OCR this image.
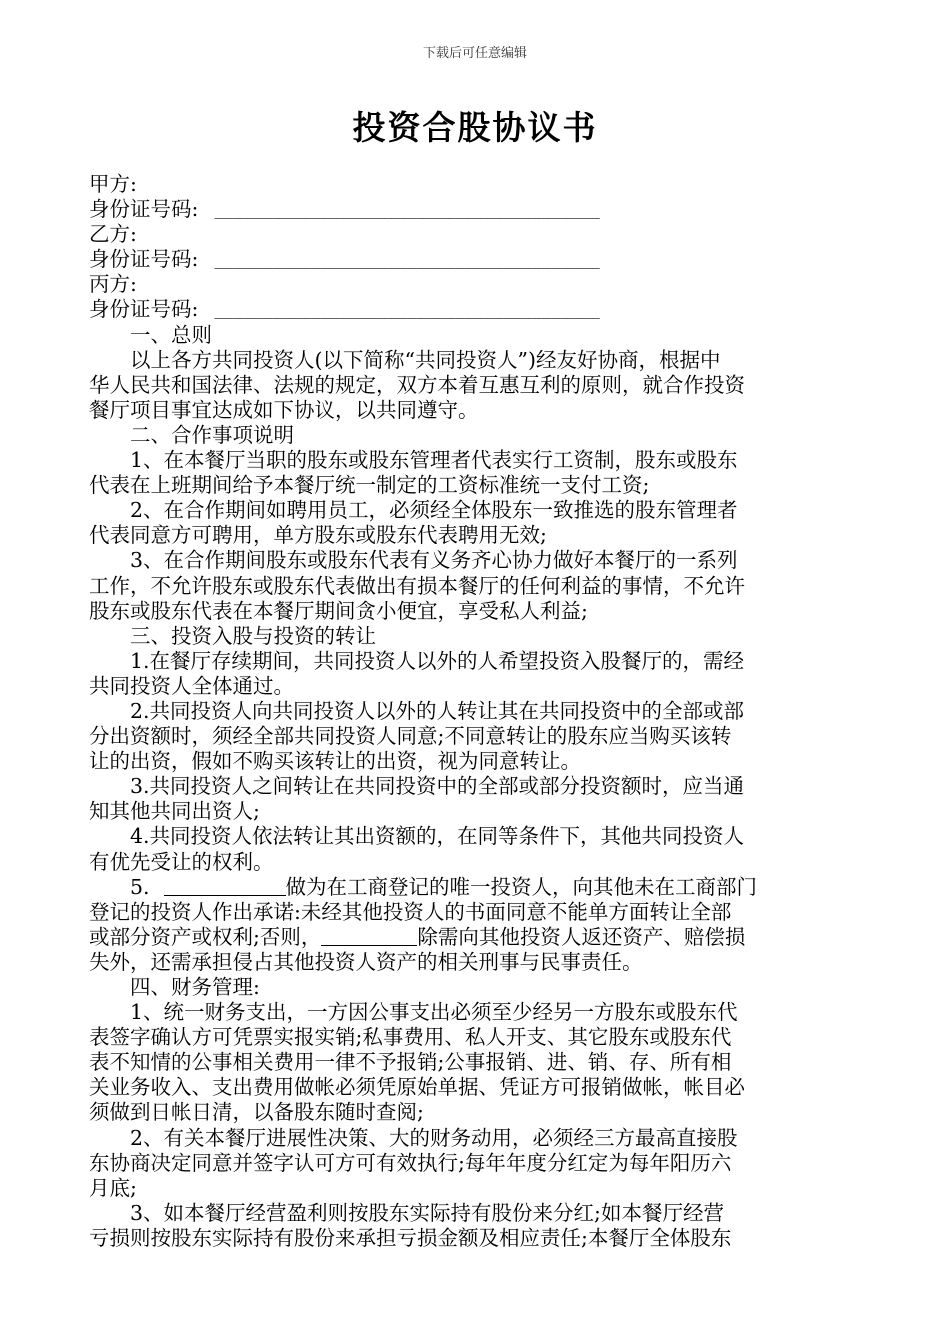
下载后可任意编辑
投资合股协议书
甲方:
身份证号码: ________________________________________
乙方:
身份证号码: ________________________________________
丙方:
身份证号码: ________________________________________
一、总则
以上各方共同投资人(以下简称“共同投资人”)经友好协商，根据中
华人民共和国法律、法规的规定，双方本着互惠互利的原则，就合作投资
餐厅项目事宜达成如下协议，以共同遵守。
二、合作事项说明
1、在本餐厅当职的股东或股东管理者代表实行工资制，股东或股东
代表在上班期间给予本餐厅统一制定的工资标准统一支付工资;
2、在合作期间如聘用员工，必须经全体股东一致推选的股东管理者
代表同意方可聘用，单方股东或股东代表聘用无效;
3、在合作期间股东或股东代表有义务齐心协力做好本餐厅的一系列
工作，不允许股东或股东代表做出有损本餐厅的任何利益的事情，不允许
股东或股东代表在本餐厅期间贪小便宜，享受私人利益;
三、投资入股与投资的转让
1.在餐厅存续期间，共同投资人以外的人希望投资入股餐厅的，需经
共同投资人全体通过。
2.共同投资人向共同投资人以外的人转让其在共同投资中的全部或部
分出资额时，须经全部共同投资人同意;不同意转让的股东应当购买该转
让的出资，假如不购买该转让的出资，视为同意转让。
3.共同投资人之间转让在共同投资中的全部或部分投资额时，应当通
知其他共同出资人;
4.共同投资人依法转让其出资额的，在同等条件下，其他共同投资人
有优先受让的权利。
5.	做为在工商登记的唯一投资人，向其他未在工商部门
登记的投资人作出承诺:未经其他投资人的书面同意不能单方面转让全部
或部分资产或权利;否则，	除需向其他投资人返还资产、赔偿损
失外，还需承担侵占其他投资人资产的相关刑事与民事责任。
四、财务管理:
1、统一财务支出，一方因公事支出必须至少经另一方股东或股东代
表签字确认方可凭票实报实销;私事费用、私人开支、其它股东或股东代
表不知情的公事相关费用一律不予报销;公事报销、进、销、存、所有相
关业务收入、支出费用做帐必须凭原始单据、凭证方可报销做帐，帐目必
须做到日帐日清，以备股东随时查阅;
2、有关本餐厅进展性决策、大的财务动用，必须经三方最高直接股
东协商决定同意并签字认可方可有效执行;每年年度分红定为每年阳历六
月底;
3、如本餐厅经营盈利则按股东实际持有股份来分红;如本餐厅经营
亏损则按股东实际持有股份来承担亏损金额及相应责任;本餐厅全体股东
